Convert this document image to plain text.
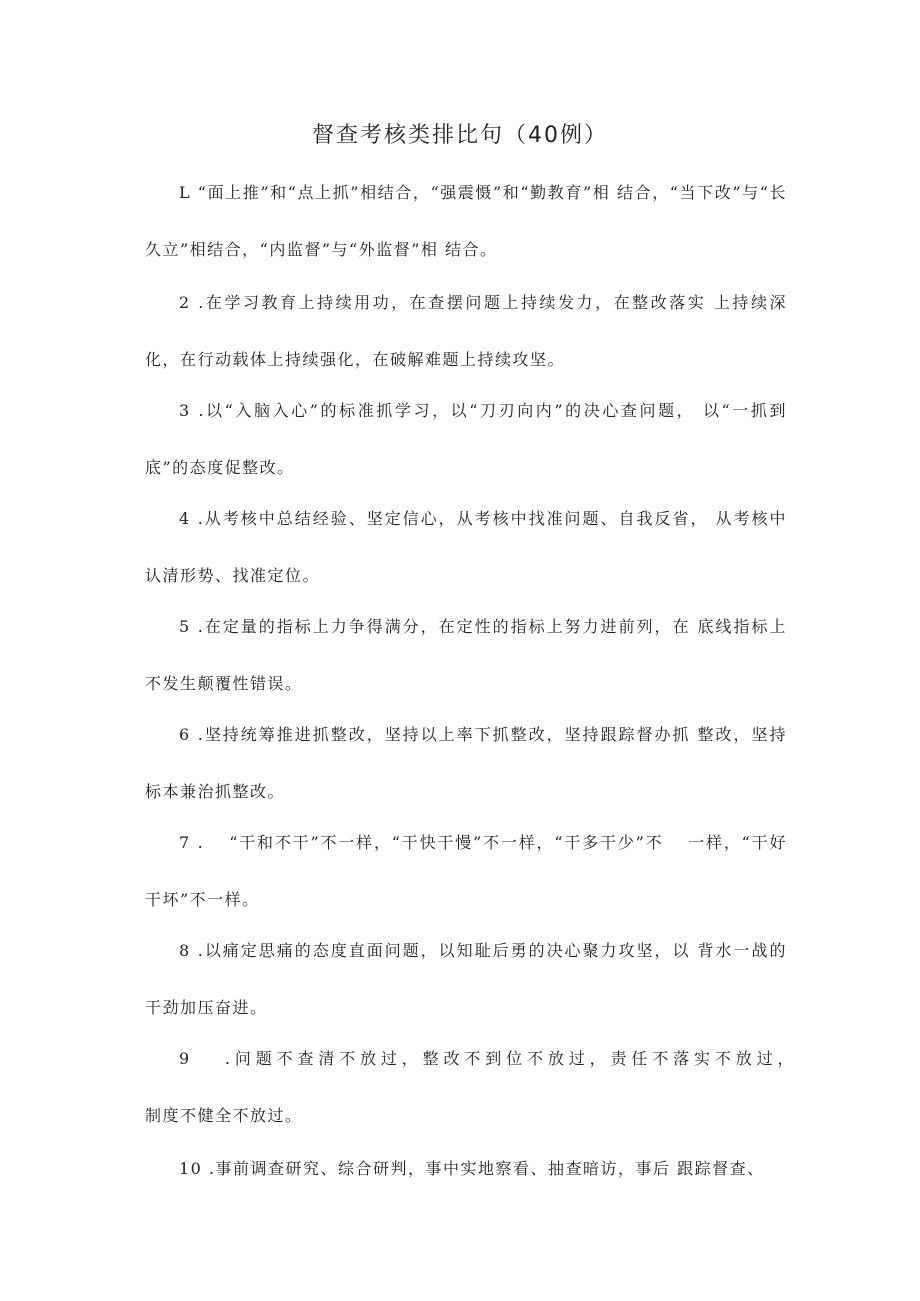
督查考核类排比句（40例）

L “面上推”和“点上抓”相结合，“强震慑”和“勤教育”相 结合，“当下改”与“长久立”相结合，“内监督”与“外监督”相 结合。

2 .在学习教育上持续用功，在查摆问题上持续发力，在整改落实 上持续深化，在行动载体上持续强化，在破解难题上持续攻坚。

3 .以“入脑入心”的标准抓学习，以“刀刃向内”的决心查问题， 以“一抓到底”的态度促整改。

4 .从考核中总结经验、坚定信心，从考核中找准问题、自我反省， 从考核中认清形势、找准定位。

5 .在定量的指标上力争得满分，在定性的指标上努力进前列，在 底线指标上不发生颠覆性错误。

6 .坚持统筹推进抓整改，坚持以上率下抓整改，坚持跟踪督办抓 整改，坚持标本兼治抓整改。

7 .　 “干和不干”不一样，“干快干慢”不一样，“干多干少”不　 一样，“干好干坏”不一样。

8 .以痛定思痛的态度直面问题，以知耻后勇的决心聚力攻坚，以 背水一战的干劲加压奋进。

9　 .问题不查清不放过，整改不到位不放过，责任不落实不放过，　　　　　 制度不健全不放过。

10 .事前调查研究、综合研判，事中实地察看、抽查暗访，事后 跟踪督查、
